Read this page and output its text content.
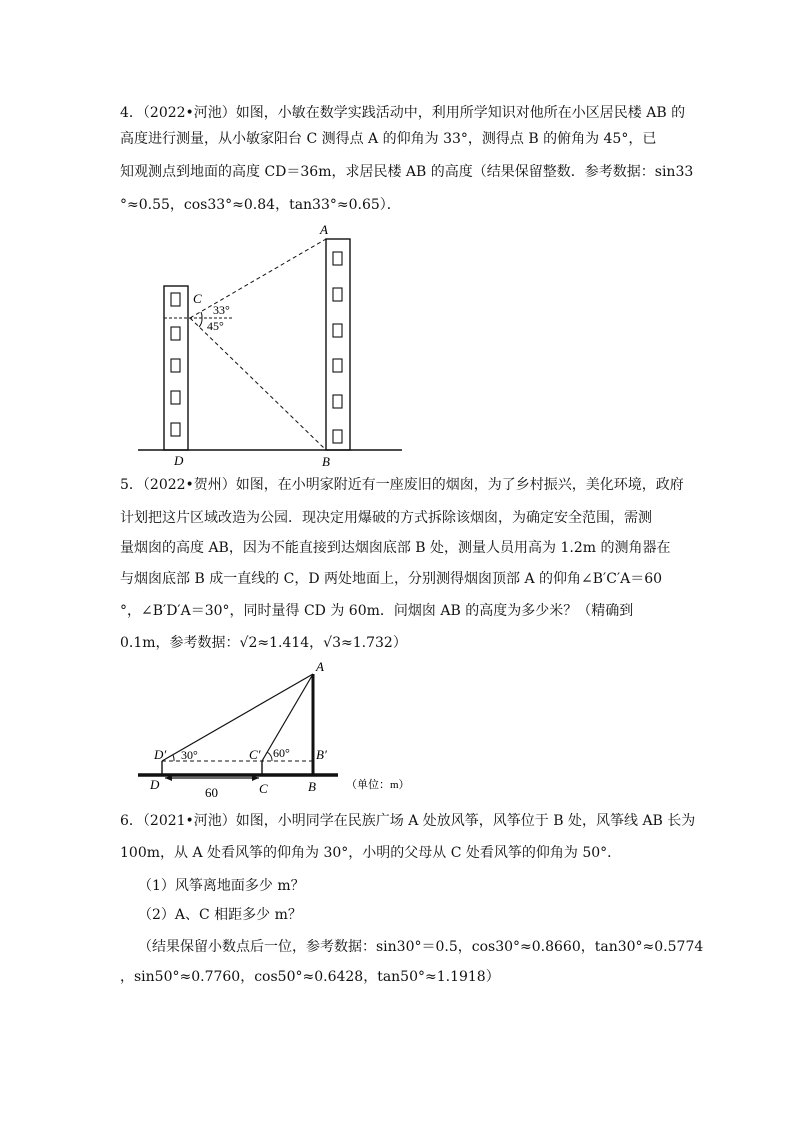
4．（2022•河池）如图，小敏在数学实践活动中，利用所学知识对他所在小区居民楼 AB 的
高度进行测量，从小敏家阳台 C 测得点 A 的仰角为 33°，测得点 B 的俯角为 45°，已
知观测点到地面的高度 CD＝36m，求居民楼 AB 的高度（结果保留整数．参考数据：sin33
°≈0.55，cos33°≈0.84，tan33°≈0.65）．
A
B
C
D
33°
45°
5．（2022•贺州）如图，在小明家附近有一座废旧的烟囱，为了乡村振兴，美化环境，政府
计划把这片区域改造为公园．现决定用爆破的方式拆除该烟囱，为确定安全范围，需测
量烟囱的高度 AB，因为不能直接到达烟囱底部 B 处，测量人员用高为 1.2m 的测角器在
与烟囱底部 B 成一直线的 C，D 两处地面上，分别测得烟囱顶部 A 的仰角∠B′C′A＝60
°，∠B′D′A＝30°，同时量得 CD 为 60m．问烟囱 AB 的高度为多少米？（精确到
0.1m，参考数据：√2≈1.414，√3≈1.732）
A
B′
B
D′
D
C′
C
30°	60°
60	（单位：m）
6．（2021•河池）如图，小明同学在民族广场 A 处放风筝，风筝位于 B 处，风筝线 AB 长为
100m，从 A 处看风筝的仰角为 30°，小明的父母从 C 处看风筝的仰角为 50°．
（1）风筝离地面多少 m？
（2）A、C 相距多少 m？
（结果保留小数点后一位，参考数据：sin30°＝0.5，cos30°≈0.8660，tan30°≈0.5774
，sin50°≈0.7760，cos50°≈0.6428，tan50°≈1.1918）
